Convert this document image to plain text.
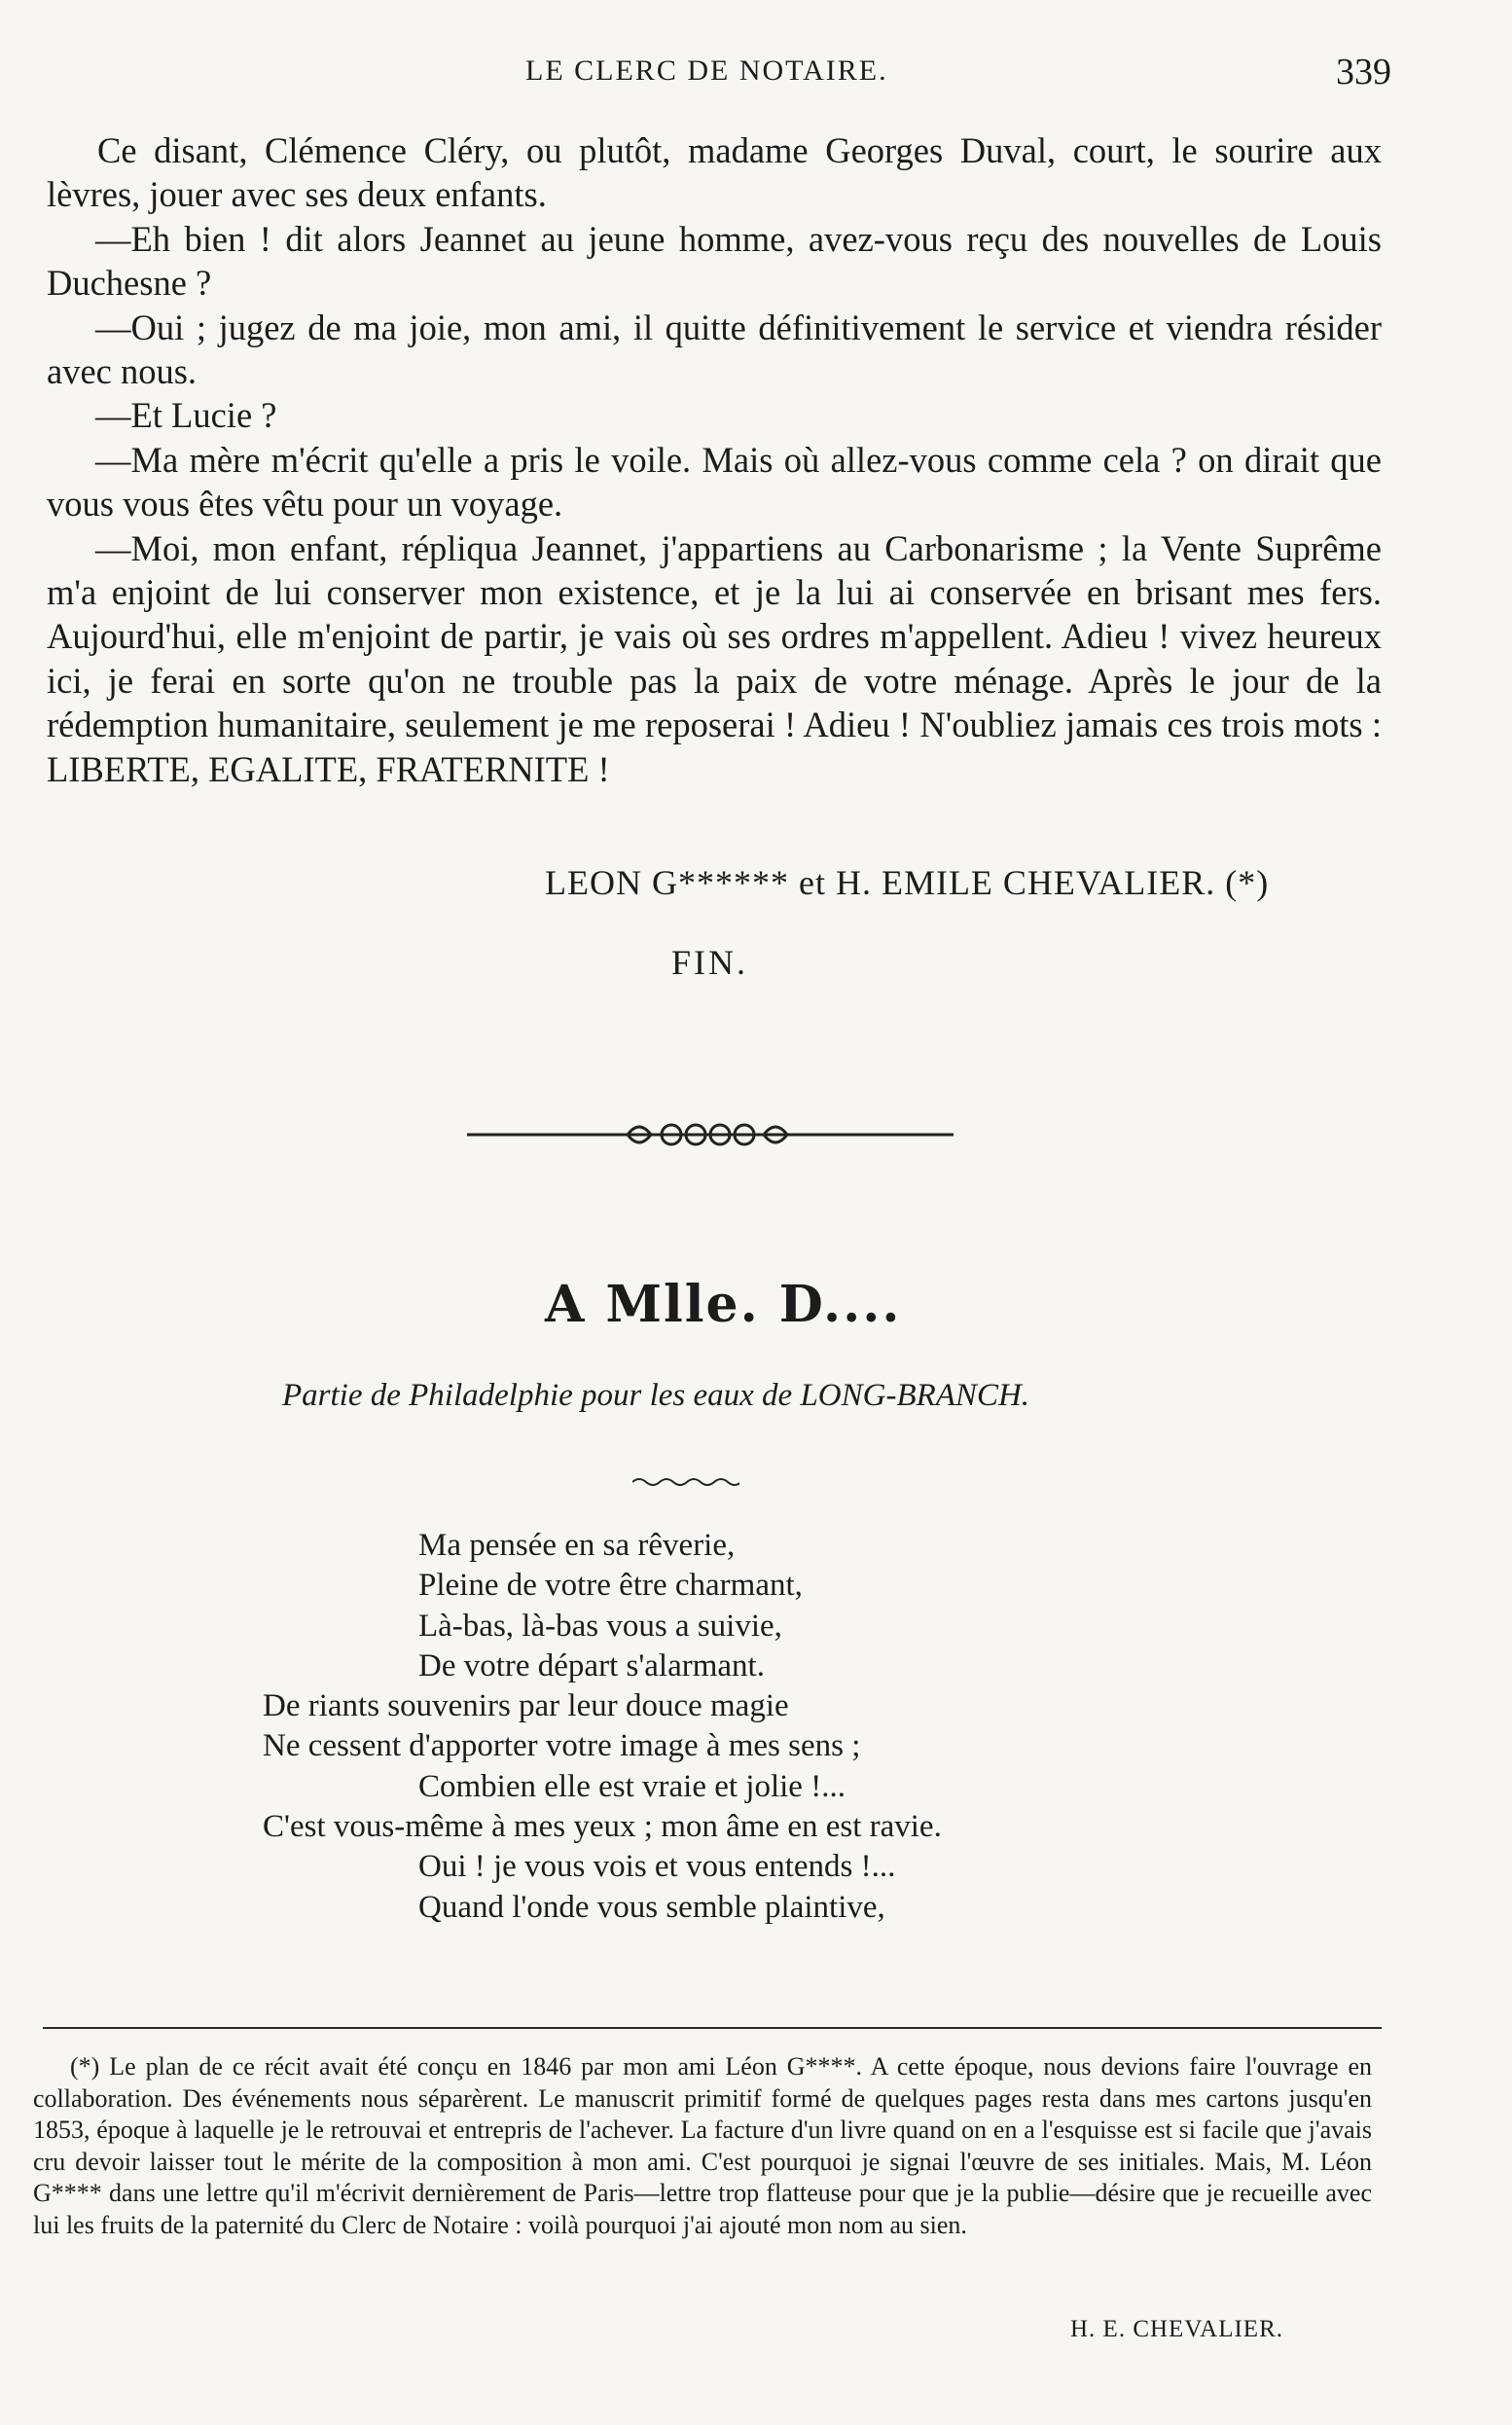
LE CLERC DE NOTAIRE.	339

Ce disant, Clémence Cléry, ou plutôt, madame Georges Duval, court, le sourire aux lèvres, jouer avec ses deux enfants.

—Eh bien ! dit alors Jeannet au jeune homme, avez-vous reçu des nouvelles de Louis Duchesne ?

—Oui ; jugez de ma joie, mon ami, il quitte définitivement le service et viendra résider avec nous.

—Et Lucie ?

—Ma mère m'écrit qu'elle a pris le voile. Mais où allez-vous comme cela ? on dirait que vous vous êtes vêtu pour un voyage.

—Moi, mon enfant, répliqua Jeannet, j'appartiens au Carbonarisme ; la Vente Suprême m'a enjoint de lui conserver mon existence, et je la lui ai conservée en brisant mes fers. Aujourd'hui, elle m'enjoint de partir, je vais où ses ordres m'appellent. Adieu ! vivez heureux ici, je ferai en sorte qu'on ne trouble pas la paix de votre ménage. Après le jour de la rédemption humanitaire, seulement je me reposerai ! Adieu ! N'oubliez jamais ces trois mots : LIBERTE, EGALITE, FRATERNITE !

LEON G****** et H. EMILE CHEVALIER. (*)
FIN.
A Mlle. D....
Partie de Philadelphie pour les eaux de LONG-BRANCH.
Ma pensée en sa rêverie,
Pleine de votre être charmant,
Là-bas, là-bas vous a suivie,
De votre départ s'alarmant.
De riants souvenirs par leur douce magie
Ne cessent d'apporter votre image à mes sens ;
Combien elle est vraie et jolie !...
C'est vous-même à mes yeux ; mon âme en est ravie.
Oui ! je vous vois et vous entends !...
Quand l'onde vous semble plaintive,

(*) Le plan de ce récit avait été conçu en 1846 par mon ami Léon G****. A cette époque, nous devions faire l'ouvrage en collaboration. Des événements nous séparèrent. Le manuscrit primitif formé de quelques pages resta dans mes cartons jusqu'en 1853, époque à laquelle je le retrouvai et entrepris de l'achever. La facture d'un livre quand on en a l'esquisse est si facile que j'avais cru devoir laisser tout le mérite de la composition à mon ami. C'est pourquoi je signai l'œuvre de ses initiales. Mais, M. Léon G**** dans une lettre qu'il m'écrivit dernièrement de Paris—lettre trop flatteuse pour que je la publie—désire que je recueille avec lui les fruits de la paternité du Clerc de Notaire : voilà pourquoi j'ai ajouté mon nom au sien.

H. E. CHEVALIER.
